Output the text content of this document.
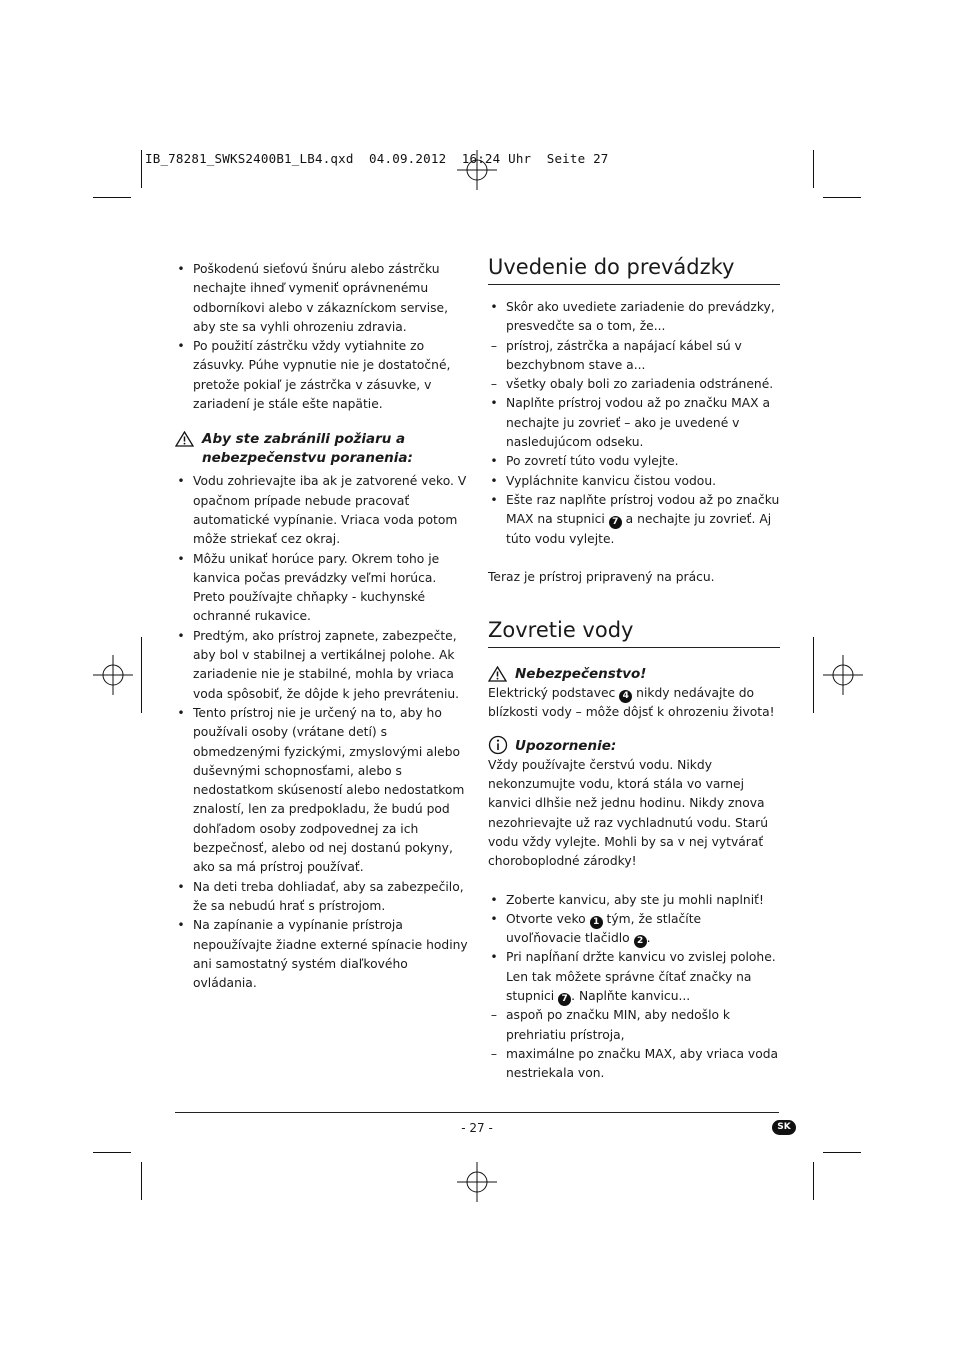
IB_78281_SWKS2400B1_LB4.qxd  04.09.2012  16:24 Uhr  Seite 27
• Poškodenú sieťovú šnúru alebo zástrčku nechajte ihneď vymeniť oprávnenému odborníkovi alebo v zákazníckom servise, aby ste sa vyhli ohrozeniu zdravia.
• Po použití zástrčku vždy vytiahnite zo zásuvky. Púhe vypnutie nie je dostatočné, pretože pokiaľ je zástrčka v zásuvke, v zariadení je stále ešte napätie.
Aby ste zabránili požiaru a nebezpečenstvu poranenia:
• Vodu zohrievajte iba ak je zatvorené veko. V opačnom prípade nebude pracovať automatické vypínanie. Vriaca voda potom môže striekať cez okraj.
• Môžu unikať horúce pary. Okrem toho je kanvica počas prevádzky veľmi horúca. Preto používajte chňapky - kuchynské ochranné rukavice.
• Predtým, ako prístroj zapnete, zabezpečte, aby bol v stabilnej a vertikálnej polohe. Ak zariadenie nie je stabilné, mohla by vriaca voda spôsobiť, že dôjde k jeho prevráteniu.
• Tento prístroj nie je určený na to, aby ho používali osoby (vrátane detí) s obmedzenými fyzickými, zmyslovými alebo duševnými schopnosťami, alebo s nedostatkom skúseností alebo nedostatkom znalostí, len za predpokladu, že budú pod dohľadom osoby zodpovednej za ich bezpečnosť, alebo od nej dostanú pokyny, ako sa má prístroj používať.
• Na deti treba dohliadať, aby sa zabezpečilo, že sa nebudú hrať s prístrojom.
• Na zapínanie a vypínanie prístroja nepoužívajte žiadne externé spínacie hodiny ani samostatný systém diaľkového ovládania.
Uvedenie do prevádzky
• Skôr ako uvediete zariadenie do prevádzky, presvedčte sa o tom, že...
– prístroj, zástrčka a napájací kábel sú v bezchybnom stave a...
– všetky obaly boli zo zariadenia odstránené.
• Naplňte prístroj vodou až po značku MAX a nechajte ju zovrieť – ako je uvedené v nasledujúcom odseku.
• Po zovretí túto vodu vylejte.
• Vypláchnite kanvicu čistou vodou.
• Ešte raz naplňte prístroj vodou až po značku MAX na stupnici 7 a nechajte ju zovrieť. Aj túto vodu vylejte.

Teraz je prístroj pripravený na prácu.

Zovretie vody
Nebezpečenstvo!

Elektrický podstavec 4 nikdy nedávajte do blízkosti vody – môže dôjsť k ohrozeniu života!

Upozornenie:

Vždy používajte čerstvú vodu. Nikdy nekonzumujte vodu, ktorá stála vo varnej kanvici dlhšie než jednu hodinu. Nikdy znova nezohrievajte už raz vychladnutú vodu. Starú vodu vždy vylejte. Mohli by sa v nej vytvárať choroboplodné zárodky!

• Zoberte kanvicu, aby ste ju mohli naplniť!
• Otvorte veko 1 tým, že stlačíte uvoľňovacie tlačidlo 2 .
• Pri napĺňaní držte kanvicu vo zvislej polohe. Len tak môžete správne čítať značky na stupnici 7 . Naplňte kanvicu...
– aspoň po značku MIN, aby nedošlo k prehriatiu prístroja,
– maximálne po značku MAX, aby vriaca voda nestriekala von.
- 27 -	SK
